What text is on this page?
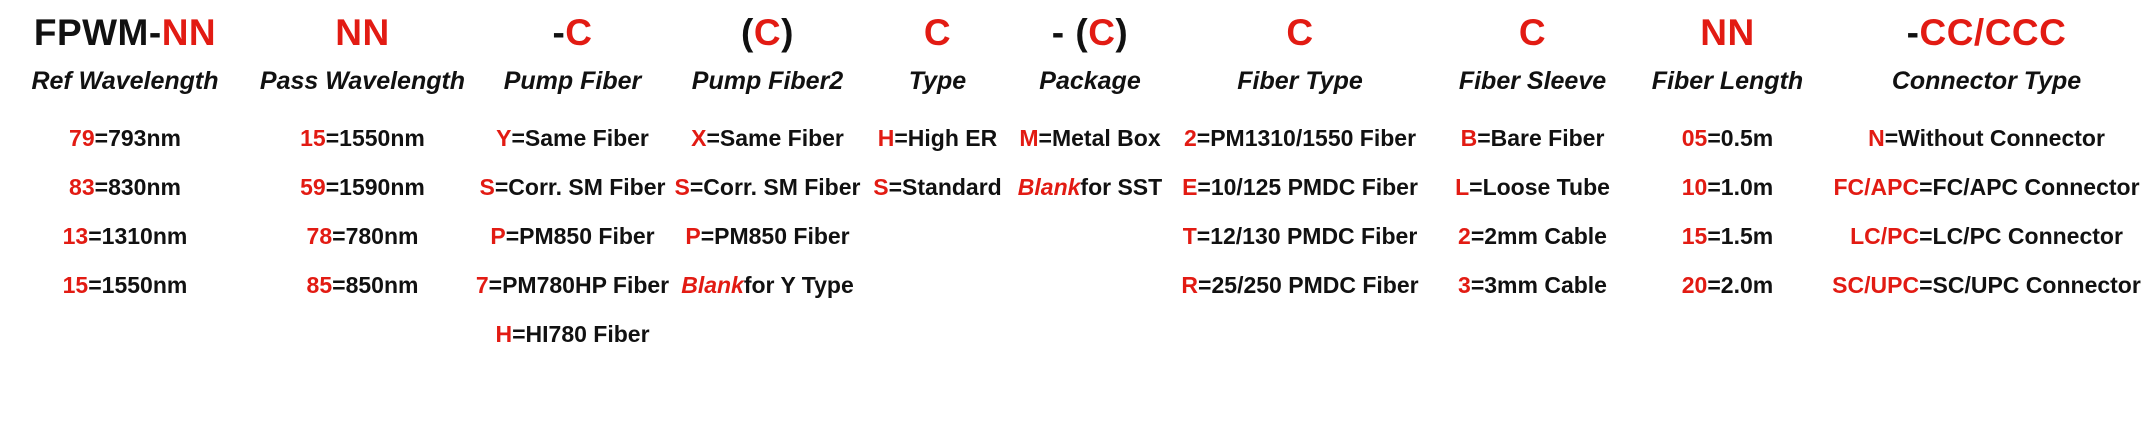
FPWM-NN
Ref Wavelength
79 = 793nm
83 = 830nm
13 = 1310nm
15 = 1550nm
NN
Pass Wavelength
15 = 1550nm
59 = 1590nm
78 = 780nm
85 = 850nm
-C
Pump Fiber
Y = Same Fiber
S = Corr. SM Fiber
P = PM850 Fiber
7 = PM780HP Fiber
H = HI780 Fiber
(C)
Pump Fiber2
X = Same Fiber
S = Corr. SM Fiber
P = PM850 Fiber
Blank for Y Type
C
Type
H = High ER
S = Standard
- (C)
Package
M = Metal Box
Blank for SST
C
Fiber Type
2 = PM1310/1550 Fiber
E = 10/125 PMDC Fiber
T = 12/130 PMDC Fiber
R = 25/250 PMDC Fiber
C
Fiber Sleeve
B = Bare Fiber
L = Loose Tube
2 = 2mm Cable
3 = 3mm Cable
NN
Fiber Length
05 = 0.5m
10 = 1.0m
15 = 1.5m
20 = 2.0m
-CC/CCC
Connector Type
N = Without Connector
FC/APC = FC/APC Connector
LC/PC = LC/PC Connector
SC/UPC = SC/UPC Connector
